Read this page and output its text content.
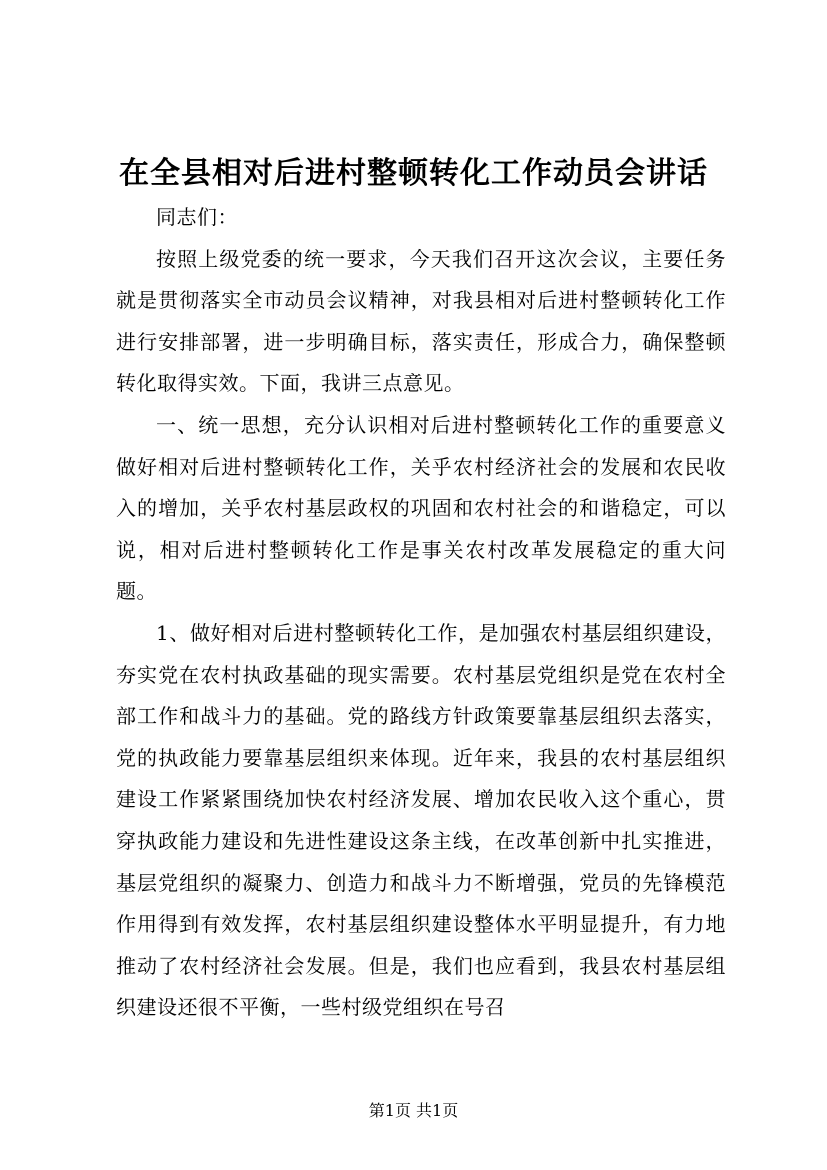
在全县相对后进村整顿转化工作动员会讲话

同志们：

按照上级党委的统一要求，今天我们召开这次会议，主要任务就是贯彻落实全市动员会议精神，对我县相对后进村整顿转化工作进行安排部署，进一步明确目标，落实责任，形成合力，确保整顿转化取得实效。下面，我讲三点意见。

一、统一思想，充分认识相对后进村整顿转化工作的重要意义做好相对后进村整顿转化工作，关乎农村经济社会的发展和农民收入的增加，关乎农村基层政权的巩固和农村社会的和谐稳定，可以说，相对后进村整顿转化工作是事关农村改革发展稳定的重大问题。

1、做好相对后进村整顿转化工作，是加强农村基层组织建设，夯实党在农村执政基础的现实需要。农村基层党组织是党在农村全部工作和战斗力的基础。党的路线方针政策要靠基层组织去落实，党的执政能力要靠基层组织来体现。近年来，我县的农村基层组织建设工作紧紧围绕加快农村经济发展、增加农民收入这个重心，贯穿执政能力建设和先进性建设这条主线，在改革创新中扎实推进，基层党组织的凝聚力、创造力和战斗力不断增强，党员的先锋模范作用得到有效发挥，农村基层组织建设整体水平明显提升，有力地推动了农村经济社会发展。但是，我们也应看到，我县农村基层组织建设还很不平衡，一些村级党组织在号召

第1页 共1页
